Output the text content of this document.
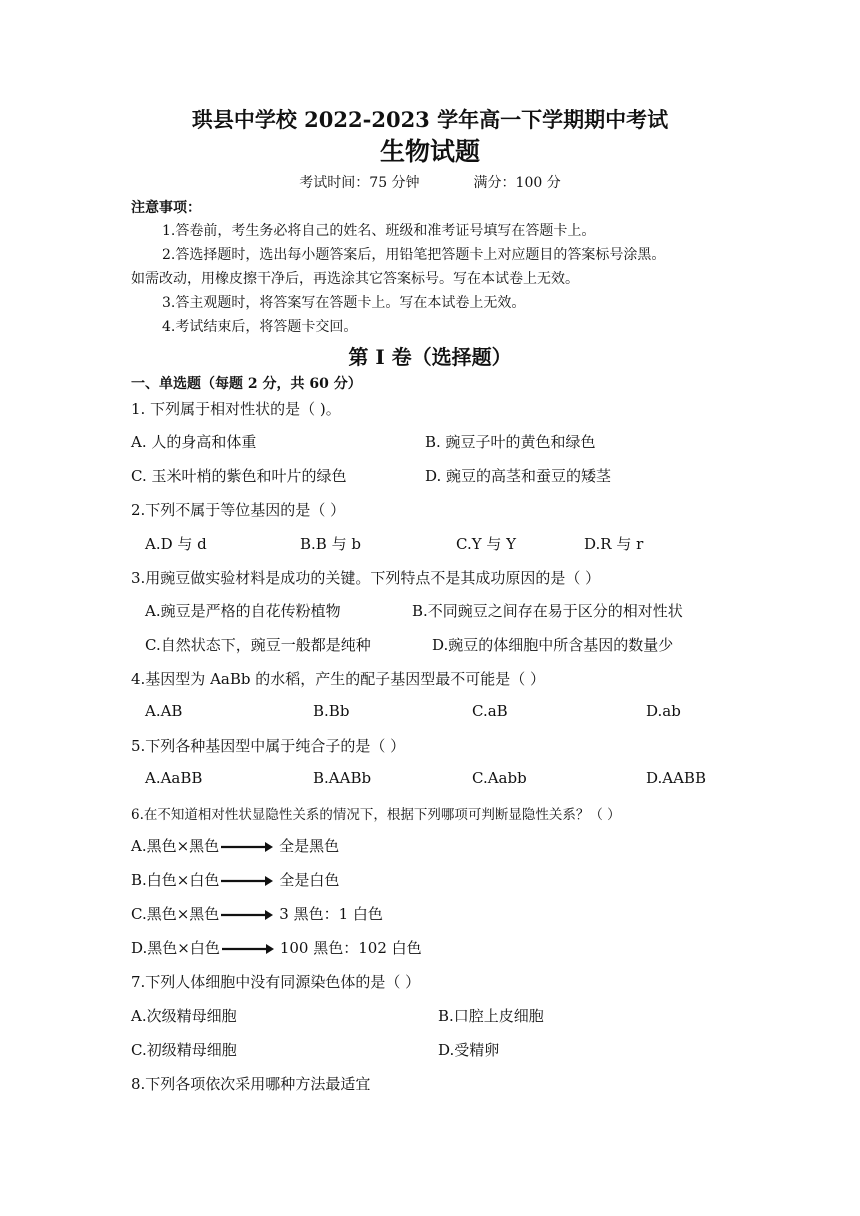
珙县中学校 2022-2023 学年高一下学期期中考试
生物试题
考试时间：75 分钟	满分：100 分
注意事项：
1.答卷前，考生务必将自己的姓名、班级和准考证号填写在答题卡上。
2.答选择题时，选出每小题答案后，用铅笔把答题卡上对应题目的答案标号涂黑。
如需改动，用橡皮擦干净后，再选涂其它答案标号。写在本试卷上无效。
3.答主观题时，将答案写在答题卡上。写在本试卷上无效。
4.考试结束后，将答题卡交回。
第 I 卷（选择题）
一、单选题（每题 2 分，共 60 分）
1. 下列属于相对性状的是（ )。
A. 人的身高和体重	B. 豌豆子叶的黄色和绿色
C. 玉米叶梢的紫色和叶片的绿色	D. 豌豆的高茎和蚕豆的矮茎
2.下列不属于等位基因的是（ ）
A.D 与 d	B.B 与 b	C.Y 与 Y	D.R 与 r
3.用豌豆做实验材料是成功的关键。下列特点不是其成功原因的是（ ）
A.豌豆是严格的自花传粉植物	B.不同豌豆之间存在易于区分的相对性状
C.自然状态下，豌豆一般都是纯种	D.豌豆的体细胞中所含基因的数量少
4.基因型为 AaBb 的水稻，产生的配子基因型最不可能是（ ）
A.AB	B.Bb	C.aB	D.ab
5.下列各种基因型中属于纯合子的是（ ）
A.AaBB	B.AABb	C.Aabb	D.AABB
6.在不知道相对性状显隐性关系的情况下，根据下列哪项可判断显隐性关系？（ ）
A.黑色×黑色	全是黑色
B.白色×白色	全是白色
C.黑色×黑色	3 黑色：1 白色
D.黑色×白色	100 黑色：102 白色
7.下列人体细胞中没有同源染色体的是（ ）
A.次级精母细胞	B.口腔上皮细胞
C.初级精母细胞	D.受精卵
8.下列各项依次采用哪种方法最适宜
